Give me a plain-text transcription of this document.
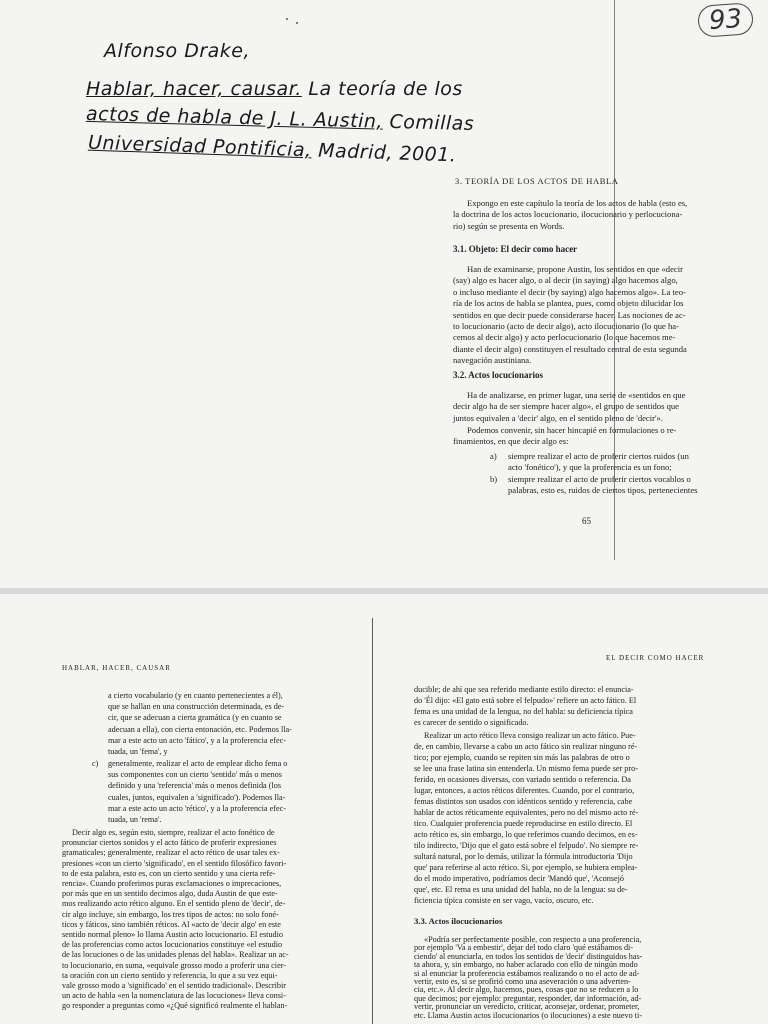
93
Alfonso Drake,
Hablar, hacer, causar. La teoría de los
actos de habla de J. L. Austin, Comillas
Universidad Pontificia, Madrid, 2001.
3. TEORÍA DE LOS ACTOS DE HABLA
Expongo en este capítulo la teoría de los actos de habla (esto es,
la doctrina de los actos locucionario, ilocucionario y perlocuciona-
rio) según se presenta en Words.
3.1. Objeto: El decir como hacer
Han de examinarse, propone Austin, los sentidos en que «decir
(say) algo es hacer algo, o al decir (in saying) algo hacemos algo,
o incluso mediante el decir (by saying) algo hacemos algo». La teo-
ría de los actos de habla se plantea, pues, como objeto dilucidar los
sentidos en que decir puede considerarse hacer. Las nociones de ac-
to locucionario (acto de decir algo), acto ilocucionario (lo que ha-
cemos al decir algo) y acto perlocucionario (lo que hacemos me-
diante el decir algo) constituyen el resultado central de esta segunda
navegación austiniana.
3.2. Actos locucionarios
Ha de analizarse, en primer lugar, una serie de «sentidos en que
decir algo ha de ser siempre hacer algo», el grupo de sentidos que
juntos equivalen a 'decir' algo, en el sentido pleno de 'decir'».
Podemos convenir, sin hacer hincapié en formulaciones o re-
finamientos, en que decir algo es:
a) siempre realizar el acto de proferir ciertos ruidos (un
acto 'fonético'), y que la proferencia es un fono;
b) siempre realizar el acto de proferir ciertos vocablos o
palabras, esto es, ruidos de ciertos tipos, pertenecientes
65
HABLAR, HACER, CAUSAR
a cierto vocabulario (y en cuanto pertenecientes a él),
que se hallan en una construcción determinada, es de-
cir, que se adecuan a cierta gramática (y en cuanto se
adecuan a ella), con cierta entonación, etc. Podemos lla-
mar a este acto un acto 'fático', y a la proferencia efec-
tuada, un 'fema', y
c) generalmente, realizar el acto de emplear dicho fema o
sus componentes con un cierto 'sentido' más o menos
definido y una 'referencia' más o menos definida (los
cuales, juntos, equivalen a 'significado'). Podemos lla-
mar a este acto un acto 'rético', y a la proferencia efec-
tuada, un 'rema'.
Decir algo es, según esto, siempre, realizar el acto fonético de
pronunciar ciertos sonidos y el acto fático de proferir expresiones
gramaticales; generalmente, realizar el acto rético de usar tales ex-
presiones «con un cierto 'significado', en el sentido filosófico favori-
to de esta palabra, esto es, con un cierto sentido y una cierta refe-
rencia». Cuando proferimos puras exclamaciones o imprecaciones,
por más que en un sentido decimos algo, duda Austin de que este-
mos realizando acto rético alguno. En el sentido pleno de 'decir', de-
cir algo incluye, sin embargo, los tres tipos de actos: no solo foné-
ticos y fáticos, sino también réticos. Al «acto de 'decir algo' en este
sentido normal pleno» lo llama Austin acto locucionario. El estudio
de las proferencias como actos locucionarios constituye «el estudio
de las locuciones o de las unidades plenas del habla». Realizar un ac-
to locucionario, en suma, «equivale grosso modo a proferir una cier-
ta oración con un cierto sentido y referencia, lo que a su vez equi-
vale grosso modo a 'significado' en el sentido tradicional». Describir
un acto de habla «en la nomenclatura de las locuciones» lleva consi-
go responder a preguntas como «¿Qué significó realmente el hablan-
EL DECIR COMO HACER
ducible; de ahí que sea referido mediante estilo directo: el enuncia-
do 'Él dijo: «El gato está sobre el felpudo»' refiere un acto fático. El
fema es una unidad de la lengua, no del habla: su deficiencia típica
es carecer de sentido o significado.
Realizar un acto rético lleva consigo realizar un acto fático. Pue-
de, en cambio, llevarse a cabo un acto fático sin realizar ninguno ré-
tico; por ejemplo, cuando se repiten sin más las palabras de otro o
se lee una frase latina sin entenderla. Un mismo fema puede ser pro-
ferido, en ocasiones diversas, con variado sentido o referencia. Da
lugar, entonces, a actos réticos diferentes. Cuando, por el contrario,
femas distintos son usados con idénticos sentido y referencia, cabe
hablar de actos réticamente equivalentes, pero no del mismo acto ré-
tico. Cualquier proferencia puede reproducirse en estilo directo. El
acto rético es, sin embargo, lo que referimos cuando decimos, en es-
tilo indirecto, 'Dijo que el gato está sobre el felpudo'. No siempre re-
sultará natural, por lo demás, utilizar la fórmula introductoria 'Dijo
que' para referirse al acto rético. Si, por ejemplo, se hubiera emplea-
do el modo imperativo, podríamos decir 'Mandó que', 'Aconsejó
que', etc. El rema es una unidad del habla, no de la lengua: su de-
ficiencia típica consiste en ser vago, vacío, oscuro, etc.
3.3. Actos ilocucionarios
«Podría ser perfectamente posible, con respecto a una proferencia,
por ejemplo 'Va a embestir', dejar del todo claro 'qué estábamos di-
ciendo' al enunciarla, en todos los sentidos de 'decir' distinguidos has-
ta ahora, y, sin embargo, no haber aclarado con ello de ningún modo
si al enunciar la proferencia estábamos realizando o no el acto de ad-
vertir, esto es, si se profirió como una aseveración o una adverten-
cia, etc.». Al decir algo, hacemos, pues, cosas que no se reducen a lo
que decimos; por ejemplo: preguntar, responder, dar información, ad-
vertir, pronunciar un veredicto, criticar, aconsejar, ordenar, prometer,
etc. Llama Austin actos ilocucionarios (o ilocuciones) a este nuevo ti-
